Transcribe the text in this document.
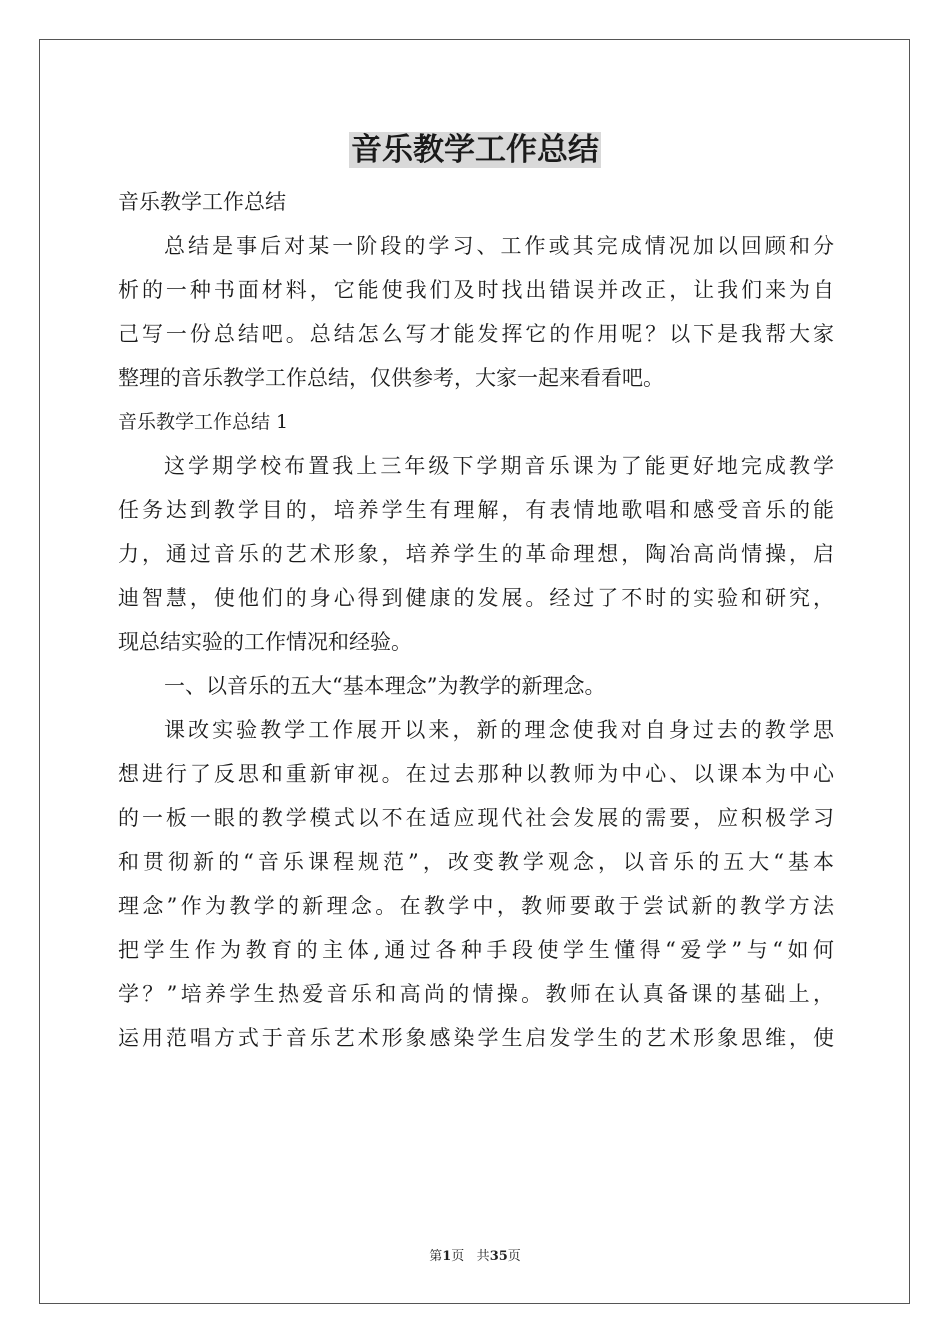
音乐教学工作总结
音乐教学工作总结
总结是事后对某一阶段的学习、工作或其完成情况加以回顾和分
析的一种书面材料，它能使我们及时找出错误并改正，让我们来为自
己写一份总结吧。总结怎么写才能发挥它的作用呢？以下是我帮大家
整理的音乐教学工作总结，仅供参考，大家一起来看看吧。
音乐教学工作总结 1
这学期学校布置我上三年级下学期音乐课为了能更好地完成教学
任务达到教学目的，培养学生有理解，有表情地歌唱和感受音乐的能
力，通过音乐的艺术形象，培养学生的革命理想，陶冶高尚情操，启
迪智慧，使他们的身心得到健康的发展。经过了不时的实验和研究，
现总结实验的工作情况和经验。
一、以音乐的五大“基本理念”为教学的新理念。
课改实验教学工作展开以来，新的理念使我对自身过去的教学思
想进行了反思和重新审视。在过去那种以教师为中心、以课本为中心
的一板一眼的教学模式以不在适应现代社会发展的需要，应积极学习
和贯彻新的“音乐课程规范”，改变教学观念，以音乐的五大“基本
理念”作为教学的新理念。在教学中，教师要敢于尝试新的教学方法
把学生作为教育的主体,通过各种手段使学生懂得“爱学”与“如何
学？”培养学生热爱音乐和高尚的情操。教师在认真备课的基础上，
运用范唱方式于音乐艺术形象感染学生启发学生的艺术形象思维，使
第1页 共35页
